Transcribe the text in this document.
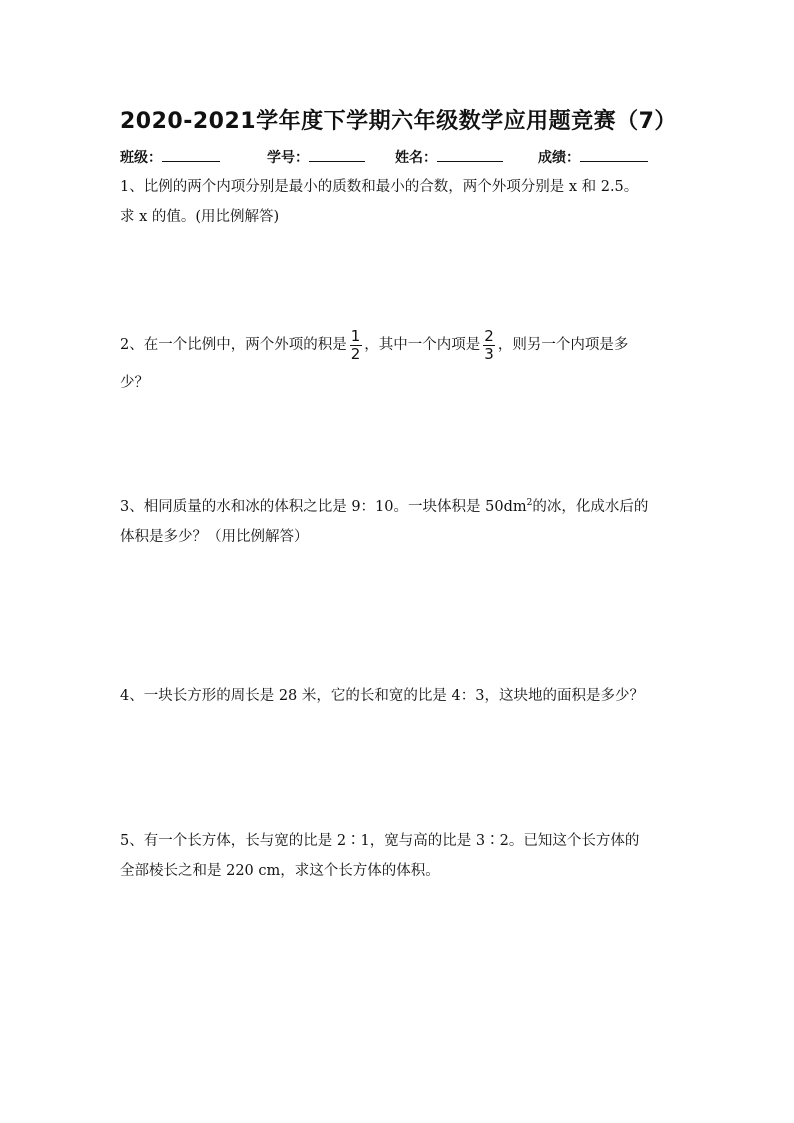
2020-2021学年度下学期六年级数学应用题竞赛（7）
班级：	学号：	姓名：	成绩：
1、比例的两个内项分别是最小的质数和最小的合数，两个外项分别是 x 和 2.5。
求 x 的值。(用比例解答)
2、在一个比例中，两个外项的积是 $\frac{1}{2}$ ，其中一个内项是 $\frac{2}{3}$ ，则另一个内项是多
少？
3、相同质量的水和冰的体积之比是 9：10。一块体积是 $50dm^2$的冰，化成水后的
体积是多少？（用比例解答）
4、一块长方形的周长是 28 米，它的长和宽的比是 4：3，这块地的面积是多少？
5、有一个长方体，长与宽的比是 2∶1，宽与高的比是 3∶2。已知这个长方体的
全部棱长之和是 220 cm，求这个长方体的体积。
